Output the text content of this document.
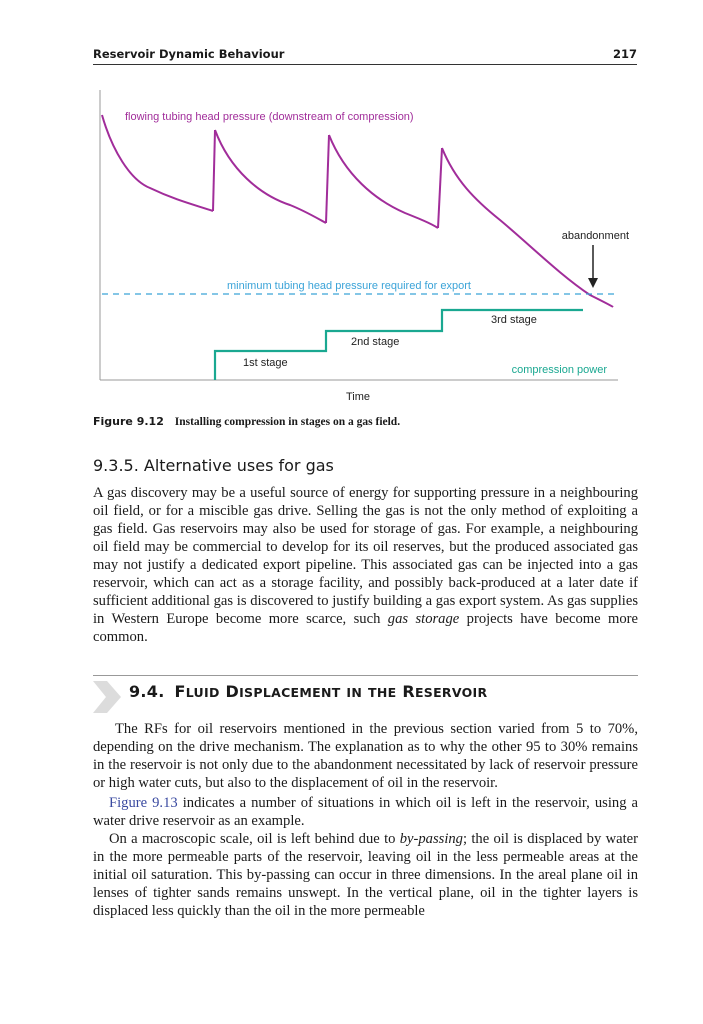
Reservoir Dynamic Behaviour	217
flowing tubing head pressure (downstream of compression)
abandonment
minimum tubing head pressure required for export
3rd stage
2nd stage
1st stage
compression power
Time
Figure 9.12 Installing compression in stages on a gas field.
9.3.5. Alternative uses for gas

A gas discovery may be a useful source of energy for supporting pressure in a neighbouring oil field, or for a miscible gas drive. Selling the gas is not the only method of exploiting a gas field. Gas reservoirs may also be used for storage of gas. For example, a neighbouring oil field may be commercial to develop for its oil reserves, but the produced associated gas may not justify a dedicated export pipeline. This associated gas can be injected into a gas reservoir, which can act as a storage facility, and possibly back-produced at a later date if sufficient additional gas is discovered to justify building a gas export system. As gas supplies in Western Europe become more scarce, such gas storage projects have become more common.

9.4. FLUID DISPLACEMENT IN THE RESERVOIR

The RFs for oil reservoirs mentioned in the previous section varied from 5 to 70%, depending on the drive mechanism. The explanation as to why the other 95 to 30% remains in the reservoir is not only due to the abandonment necessitated by lack of reservoir pressure or high water cuts, but also to the displacement of oil in the reservoir.

Figure 9.13 indicates a number of situations in which oil is left in the reservoir, using a water drive reservoir as an example.

On a macroscopic scale, oil is left behind due to by-passing; the oil is displaced by water in the more permeable parts of the reservoir, leaving oil in the less permeable areas at the initial oil saturation. This by-passing can occur in three dimensions. In the areal plane oil in lenses of tighter sands remains unswept. In the vertical plane, oil in the tighter layers is displaced less quickly than the oil in the more permeable
